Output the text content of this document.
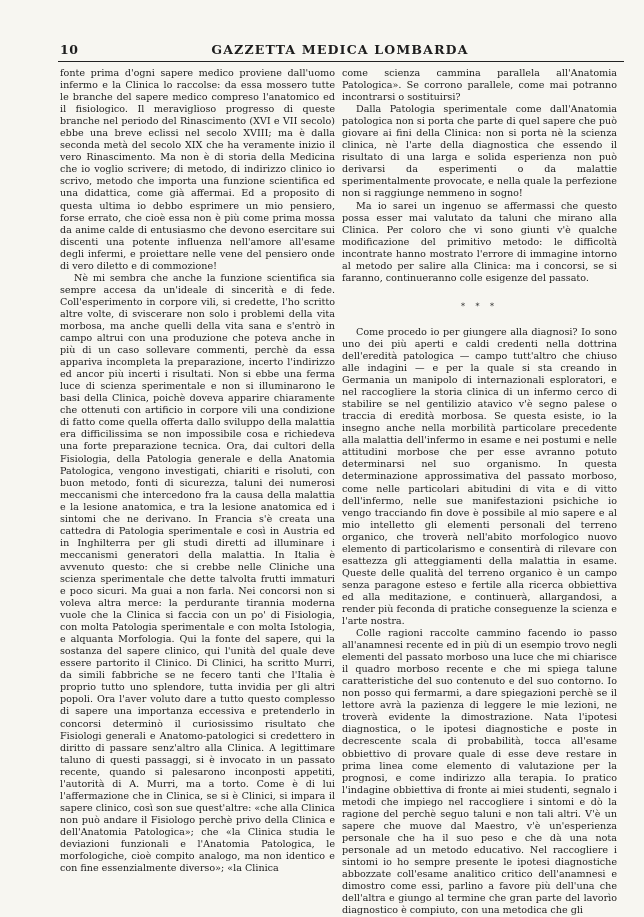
10	GAZZETTA MEDICA LOMBARDA

fonte prima d'ogni sapere medico proviene dall'uomo infermo e la Clinica lo raccolse: da essa mossero tutte le branche del sapere medico compreso l'anatomico ed il fisiologico. Il meraviglioso progresso di queste branche nel periodo del Rinascimento (XVI e VII secolo) ebbe una breve eclissi nel secolo XVIII; ma è dalla seconda metà del secolo XIX che ha veramente inizio il vero Rinascimento. Ma non è di storia della Medicina che io voglio scrivere; di metodo, di indirizzo clinico io scrivo, metodo che importa una funzione scientifica ed una didattica, come già affermai. Ed a proposito di questa ultima io debbo esprimere un mio pensiero, forse errato, che cioè essa non è più come prima mossa da anime calde di entusiasmo che devono esercitare sui discenti una potente influenza nell'amore all'esame degli infermi, e proiettare nelle vene del pensiero onde di vero diletto e di commozione!

Nè mi sembra che anche la funzione scientifica sia sempre accesa da un'ideale di sincerità e di fede. Coll'esperimento in corpore vili, si credette, l'ho scritto altre volte, di sviscerare non solo i problemi della vita morbosa, ma anche quelli della vita sana e s'entrò in campo altrui con una produzione che poteva anche in più di un caso sollevare commenti, perchè da essa appariva incompleta la preparazione, incerto l'indirizzo ed ancor più incerti i risultati. Non si ebbe una ferma luce di scienza sperimentale e non si illuminarono le basi della Clinica, poichè doveva apparire chiaramente che ottenuti con artificio in corpore vili una condizione di fatto come quella offerta dallo sviluppo della malattia era difficilissima se non impossibile cosa e richiedeva una forte preparazione tecnica. Ora, dai cultori della Fisiologia, della Patologia generale e della Anatomia Patologica, vengono investigati, chiariti e risoluti, con buon metodo, fonti di sicurezza, taluni dei numerosi meccanismi che intercedono fra la causa della malattia e la lesione anatomica, e tra la lesione anatomica ed i sintomi che ne derivano. In Francia s'è creata una cattedra di Patologia sperimentale e così in Austria ed in Inghilterra per gli studi diretti ad illuminare i meccanismi generatori della malattia. In Italia è avvenuto questo: che si crebbe nelle Cliniche una scienza sperimentale che dette talvolta frutti immaturi e poco sicuri. Ma guai a non farla. Nei concorsi non si voleva altra merce: la perdurante tirannia moderna vuole che la Clinica si faccia con un po' di Fisiologia, con molta Patologia sperimentale e con molta Istologia, e alquanta Morfologia. Qui la fonte del sapere, qui la sostanza del sapere clinico, qui l'unità del quale deve essere partorito il Clinico. Di Clinici, ha scritto Murri, da simili fabbriche se ne fecero tanti che l'Italia è proprio tutto uno splendore, tutta invidia per gli altri popoli. Ora l'aver voluto dare a tutto questo complesso di sapere una importanza eccessiva e pretenderlo in concorsi determinò il curiosissimo risultato che Fisiologi generali e Anatomo-patologici si credettero in diritto di passare senz'altro alla Clinica. A legittimare taluno di questi passaggi, si è invocato in un passato recente, quando si palesarono inconposti appetiti, l'autorità di A. Murri, ma a torto. Come è di lui l'affermazione che in Clinica, se si è Clinici, si impara il sapere clinico, così son sue quest'altre: «che alla Clinica non può andare il Fisiologo perchè privo della Clinica e dell'Anatomia Patologica»; che «la Clinica studia le deviazioni funzionali e l'Anatomia Patologica, le morfologiche, cioè compito analogo, ma non identico e con fine essenzialmente diverso»; «la Clinica

come scienza cammina parallela all'Anatomia Patologica». Se corrono parallele, come mai potranno incontrarsi o sostituirsi?

Dalla Patologia sperimentale come dall'Anatomia patologica non si porta che parte di quel sapere che può giovare ai fini della Clinica: non si porta nè la scienza clinica, nè l'arte della diagnostica che essendo il risultato di una larga e solida esperienza non può derivarsi da esperimenti o da malattie sperimentalmente provocate, e nella quale la perfezione non si raggiunge nemmeno in sogno!

Ma io sarei un ingenuo se affermassi che questo possa esser mai valutato da taluni che mirano alla Clinica. Per coloro che vi sono giunti v'è qualche modificazione del primitivo metodo: le difficoltà incontrate hanno mostrato l'errore di immagine intorno al metodo per salire alla Clinica: ma i concorsi, se si faranno, continueranno colle esigenze del passato.

* * *

Come procedo io per giungere alla diagnosi? Io sono uno dei più aperti e caldi credenti nella dottrina dell'eredità patologica — campo tutt'altro che chiuso alle indagini — e per la quale si sta creando in Germania un manipolo di internazionali esploratori, e nel raccogliere la storia clinica di un infermo cerco di stabilire se nel gentilizio atavico v'è segno palese o traccia di eredità morbosa. Se questa esiste, io la insegno anche nella morbilità particolare precedente alla malattia dell'infermo in esame e nei postumi e nelle attitudini morbose che per esse avranno potuto determinarsi nel suo organismo. In questa determinazione approssimativa del passato morboso, come nelle particolari abitudini di vita e di vitto dell'infermo, nelle sue manifestazioni psichiche io vengo tracciando fin dove è possibile al mio sapere e al mio intelletto gli elementi personali del terreno organico, che troverà nell'abito morfologico nuovo elemento di particolarismo e consentirà di rilevare con esattezza gli atteggiamenti della malattia in esame. Queste delle qualità del terreno organico è un campo senza paragone esteso e fertile alla ricerca obbiettiva ed alla meditazione, e continuerà, allargandosi, a render più feconda di pratiche conseguenze la scienza e l'arte nostra.

Colle ragioni raccolte cammino facendo io passo all'anamnesi recente ed in più di un esempio trovo negli elementi del passato morboso una luce che mi chiarisce il quadro morboso recente e che mi spiega talune caratteristiche del suo contenuto e del suo contorno. Io non posso qui fermarmi, a dare spiegazioni perchè se il lettore avrà la pazienza di leggere le mie lezioni, ne troverà evidente la dimostrazione. Nata l'ipotesi diagnostica, o le ipotesi diagnostiche e poste in decrescente scala di probabilità, tocca all'esame obbiettivo di provare quale di esse deve restare in prima linea come elemento di valutazione per la prognosi, e come indirizzo alla terapia. Io pratico l'indagine obbiettiva di fronte ai miei studenti, segnalo i metodi che impiego nel raccogliere i sintomi e dò la ragione del perchè seguo taluni e non tali altri. V'è un sapere che muove dal Maestro, v'è un'esperienza personale che ha il suo peso e che dà una nota personale ad un metodo educativo. Nel raccogliere i sintomi io ho sempre presente le ipotesi diagnostiche abbozzate coll'esame analitico critico dell'anamnesi e dimostro come essi, parlino a favore più dell'una che dell'altra e giungo al termine che gran parte del lavorìo diagnostico è compiuto, con una metodica che gli
